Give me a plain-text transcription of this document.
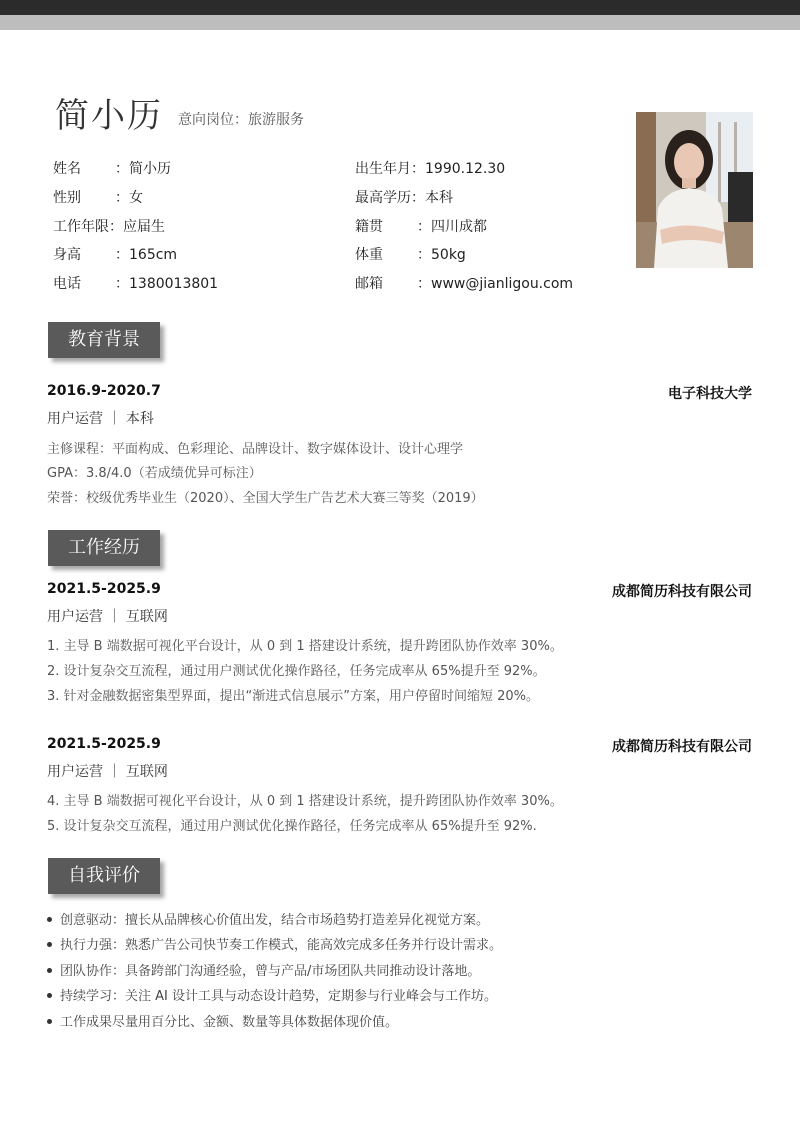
简小历 意向岗位：旅游服务
姓名 ：简小历
性别 ：女
工作年限：应届生
身高 ：165cm
电话 ：1380013801
出生年月：1990.12.30
最高学历：本科
籍贯 ：四川成都
体重 ：50kg
邮箱 ：www@jianligou.com
教育背景
2016.9-2020.7	电子科技大学
用户运营 ｜ 本科
主修课程：平面构成、色彩理论、品牌设计、数字媒体设计、设计心理学
GPA：3.8/4.0（若成绩优异可标注）
荣誉：校级优秀毕业生（2020）、全国大学生广告艺术大赛三等奖（2019）
工作经历
2021.5-2025.9	成都简历科技有限公司
用户运营 ｜ 互联网
1. 主导 B 端数据可视化平台设计，从 0 到 1 搭建设计系统，提升跨团队协作效率 30%。
2. 设计复杂交互流程，通过用户测试优化操作路径，任务完成率从 65%提升至 92%。
3. 针对金融数据密集型界面，提出“渐进式信息展示”方案，用户停留时间缩短 20%。
2021.5-2025.9	成都简历科技有限公司
用户运营 ｜ 互联网
4. 主导 B 端数据可视化平台设计，从 0 到 1 搭建设计系统，提升跨团队协作效率 30%。
5. 设计复杂交互流程，通过用户测试优化操作路径，任务完成率从 65%提升至 92%.
自我评价
创意驱动：擅长从品牌核心价值出发，结合市场趋势打造差异化视觉方案。
执行力强：熟悉广告公司快节奏工作模式，能高效完成多任务并行设计需求。
团队协作：具备跨部门沟通经验，曾与产品/市场团队共同推动设计落地。
持续学习：关注 AI 设计工具与动态设计趋势，定期参与行业峰会与工作坊。
工作成果尽量用百分比、金额、数量等具体数据体现价值。
